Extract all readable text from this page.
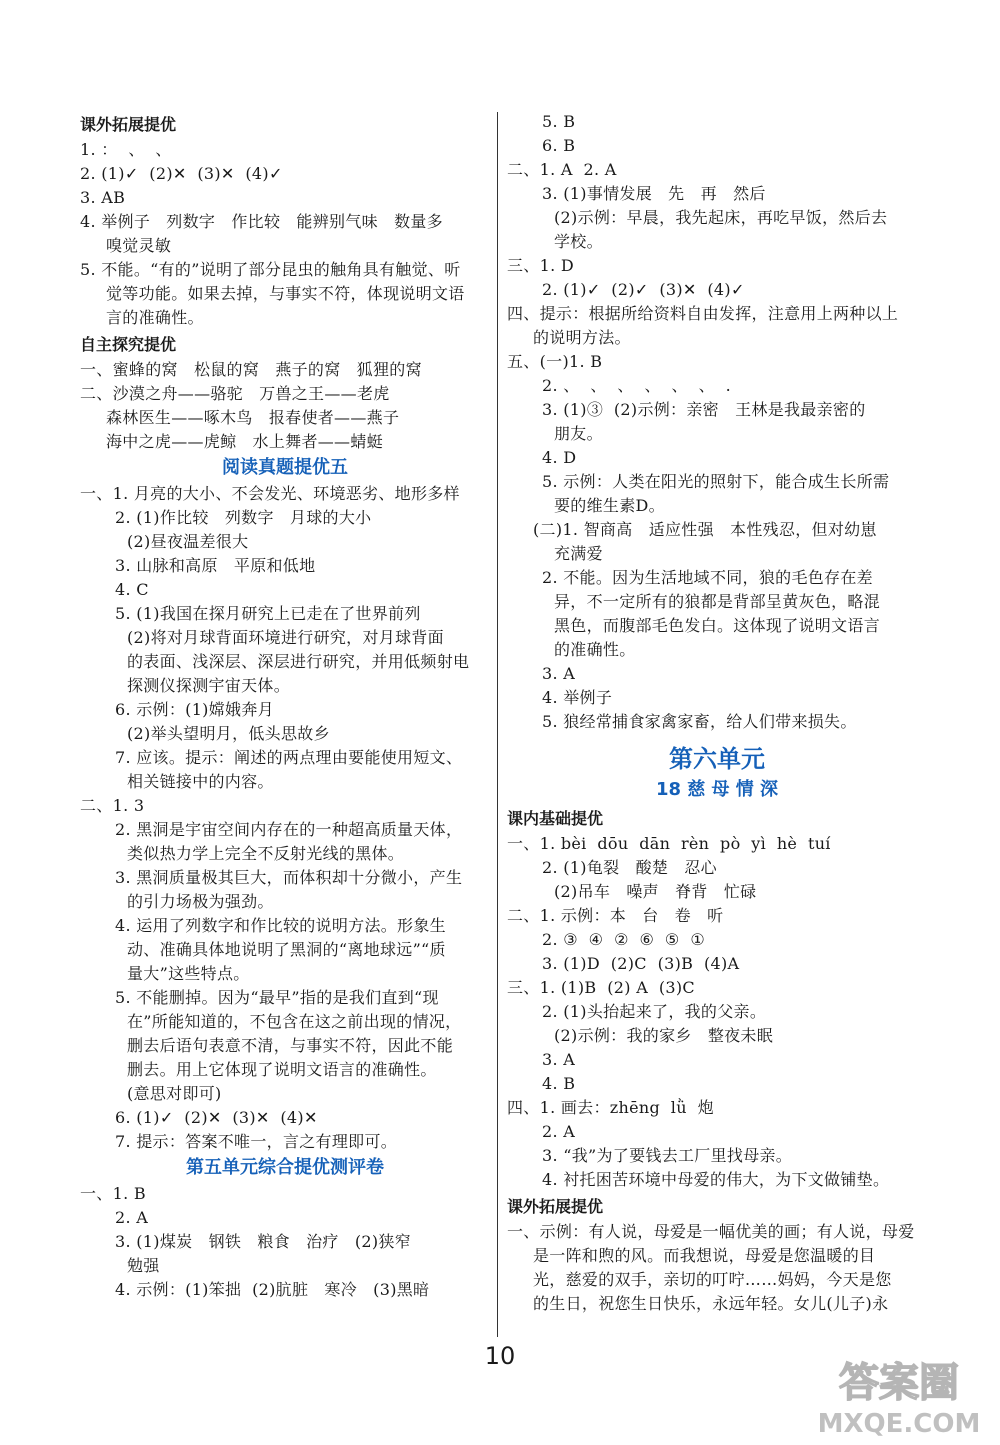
课外拓展提优
1. ：  、  、
2. (1)✓  (2)✕  (3)✕  (4)✓
3. AB
4. 举例子   列数字   作比较   能辨别气味   数量多
嗅觉灵敏
5. 不能。“有的”说明了部分昆虫的触角具有触觉、听
觉等功能。如果去掉，与事实不符，体现说明文语
言的准确性。
自主探究提优
一、蜜蜂的窝   松鼠的窝   燕子的窝   狐狸的窝
二、沙漠之舟——骆驼   万兽之王——老虎
森林医生——啄木鸟   报春使者——燕子
海中之虎——虎鲸   水上舞者——蜻蜓
阅读真题提优五
一、1. 月亮的大小、不会发光、环境恶劣、地形多样
2. (1)作比较   列数字   月球的大小
(2)昼夜温差很大
3. 山脉和高原   平原和低地
4. C
5. (1)我国在探月研究上已走在了世界前列
(2)将对月球背面环境进行研究，对月球背面
的表面、浅深层、深层进行研究，并用低频射电
探测仪探测宇宙天体。
6. 示例：(1)嫦娥奔月
(2)举头望明月，低头思故乡
7. 应该。提示：阐述的两点理由要能使用短文、
相关链接中的内容。
二、1. 3
2. 黑洞是宇宙空间内存在的一种超高质量天体，
类似热力学上完全不反射光线的黑体。
3. 黑洞质量极其巨大，而体积却十分微小，产生
的引力场极为强劲。
4. 运用了列数字和作比较的说明方法。形象生
动、准确具体地说明了黑洞的“离地球远”“质
量大”这些特点。
5. 不能删掉。因为“最早”指的是我们直到“现
在”所能知道的，不包含在这之前出现的情况，
删去后语句表意不清，与事实不符，因此不能
删去。用上它体现了说明文语言的准确性。
(意思对即可)
6. (1)✓  (2)✕  (3)✕  (4)✕
7. 提示：答案不唯一，言之有理即可。
第五单元综合提优测评卷
一、1. B
2. A
3. (1)煤炭   钢铁   粮食   治疗   (2)狭窄
勉强
4. 示例：(1)笨拙  (2)肮脏   寒冷   (3)黑暗
5. B
6. B
二、1. A  2. A
3. (1)事情发展   先   再   然后
(2)示例：早晨，我先起床，再吃早饭，然后去
学校。
三、1. D
2. (1)✓  (2)✓  (3)✕  (4)✓
四、提示：根据所给资料自由发挥，注意用上两种以上
的说明方法。
五、(一)1. B
2. 、  、  、  、  、  、  .
3. (1)③  (2)示例：亲密   王林是我最亲密的
朋友。
4. D
5. 示例：人类在阳光的照射下，能合成生长所需
要的维生素D。
(二)1. 智商高   适应性强   本性残忍，但对幼崽
充满爱
2. 不能。因为生活地域不同，狼的毛色存在差
异，不一定所有的狼都是背部呈黄灰色，略混
黑色，而腹部毛色发白。这体现了说明文语言
的准确性。
3. A
4. 举例子
5. 狼经常捕食家禽家畜，给人们带来损失。
第六单元
18 慈 母 情 深
课内基础提优
一、1. bèi  dōu  dān  rèn  pò  yì  hè  tuí
2. (1)龟裂   酸楚   忍心
(2)吊车   噪声   脊背   忙碌
二、1. 示例：本   台   卷   听
2. ③  ④  ②  ⑥  ⑤  ①
3. (1)D  (2)C  (3)B  (4)A
三、1. (1)B  (2) A  (3)C
2. (1)头抬起来了，我的父亲。
(2)示例：我的家乡   整夜未眠
3. A
4. B
四、1. 画去：zhēng  lǜ  炮
2. A
3. “我”为了要钱去工厂里找母亲。
4. 衬托困苦环境中母爱的伟大，为下文做铺垫。
课外拓展提优
一、示例：有人说，母爱是一幅优美的画；有人说，母爱
是一阵和煦的风。而我想说，母爱是您温暖的目
光，慈爱的双手，亲切的叮咛……妈妈，今天是您
的生日，祝您生日快乐，永远年轻。女儿(儿子)永
10
答案圈
MXQE.COM
